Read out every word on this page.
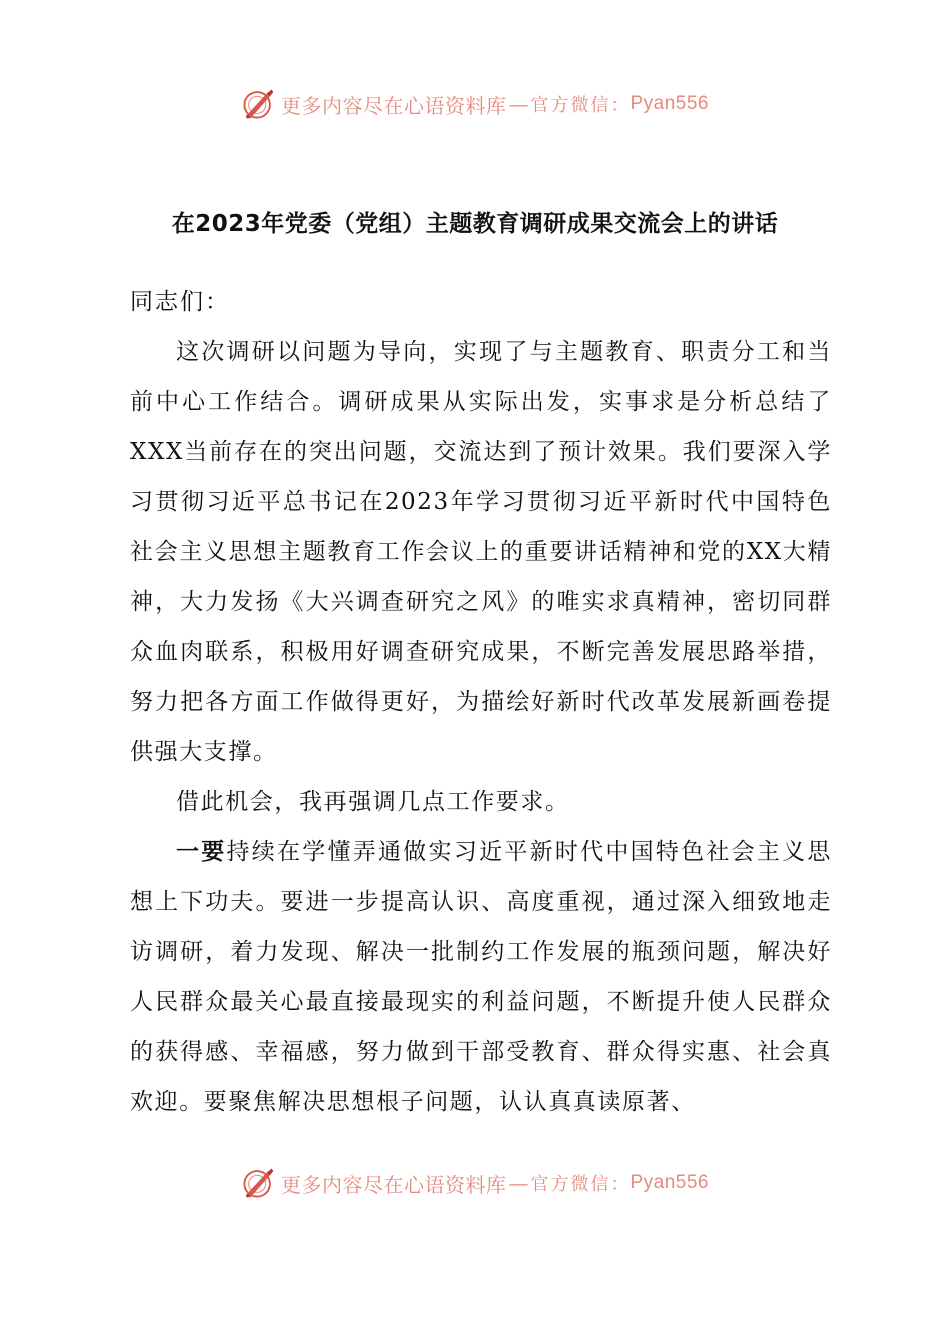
更多内容尽在心语资料库 — 官方微信： Pyan556
在2023年党委（党组）主题教育调研成果交流会上的讲话

同志们：

这次调研以问题为导向，实现了与主题教育、职责分工和当前中心工作结合。调研成果从实际出发，实事求是分析总结了XXX当前存在的突出问题，交流达到了预计效果。我们要深入学习贯彻习近平总书记在2023年学习贯彻习近平新时代中国特色社会主义思想主题教育工作会议上的重要讲话精神和党的XX大精神，大力发扬《大兴调查研究之风》的唯实求真精神，密切同群众血肉联系，积极用好调查研究成果，不断完善发展思路举措，努力把各方面工作做得更好，为描绘好新时代改革发展新画卷提供强大支撑。

借此机会，我再强调几点工作要求。

一要持续在学懂弄通做实习近平新时代中国特色社会主义思想上下功夫。要进一步提高认识、高度重视，通过深入细致地走访调研，着力发现、解决一批制约工作发展的瓶颈问题，解决好人民群众最关心最直接最现实的利益问题，不断提升使人民群众的获得感、幸福感，努力做到干部受教育、群众得实惠、社会真欢迎。要聚焦解决思想根子问题，认认真真读原著、

更多内容尽在心语资料库 — 官方微信： Pyan556
